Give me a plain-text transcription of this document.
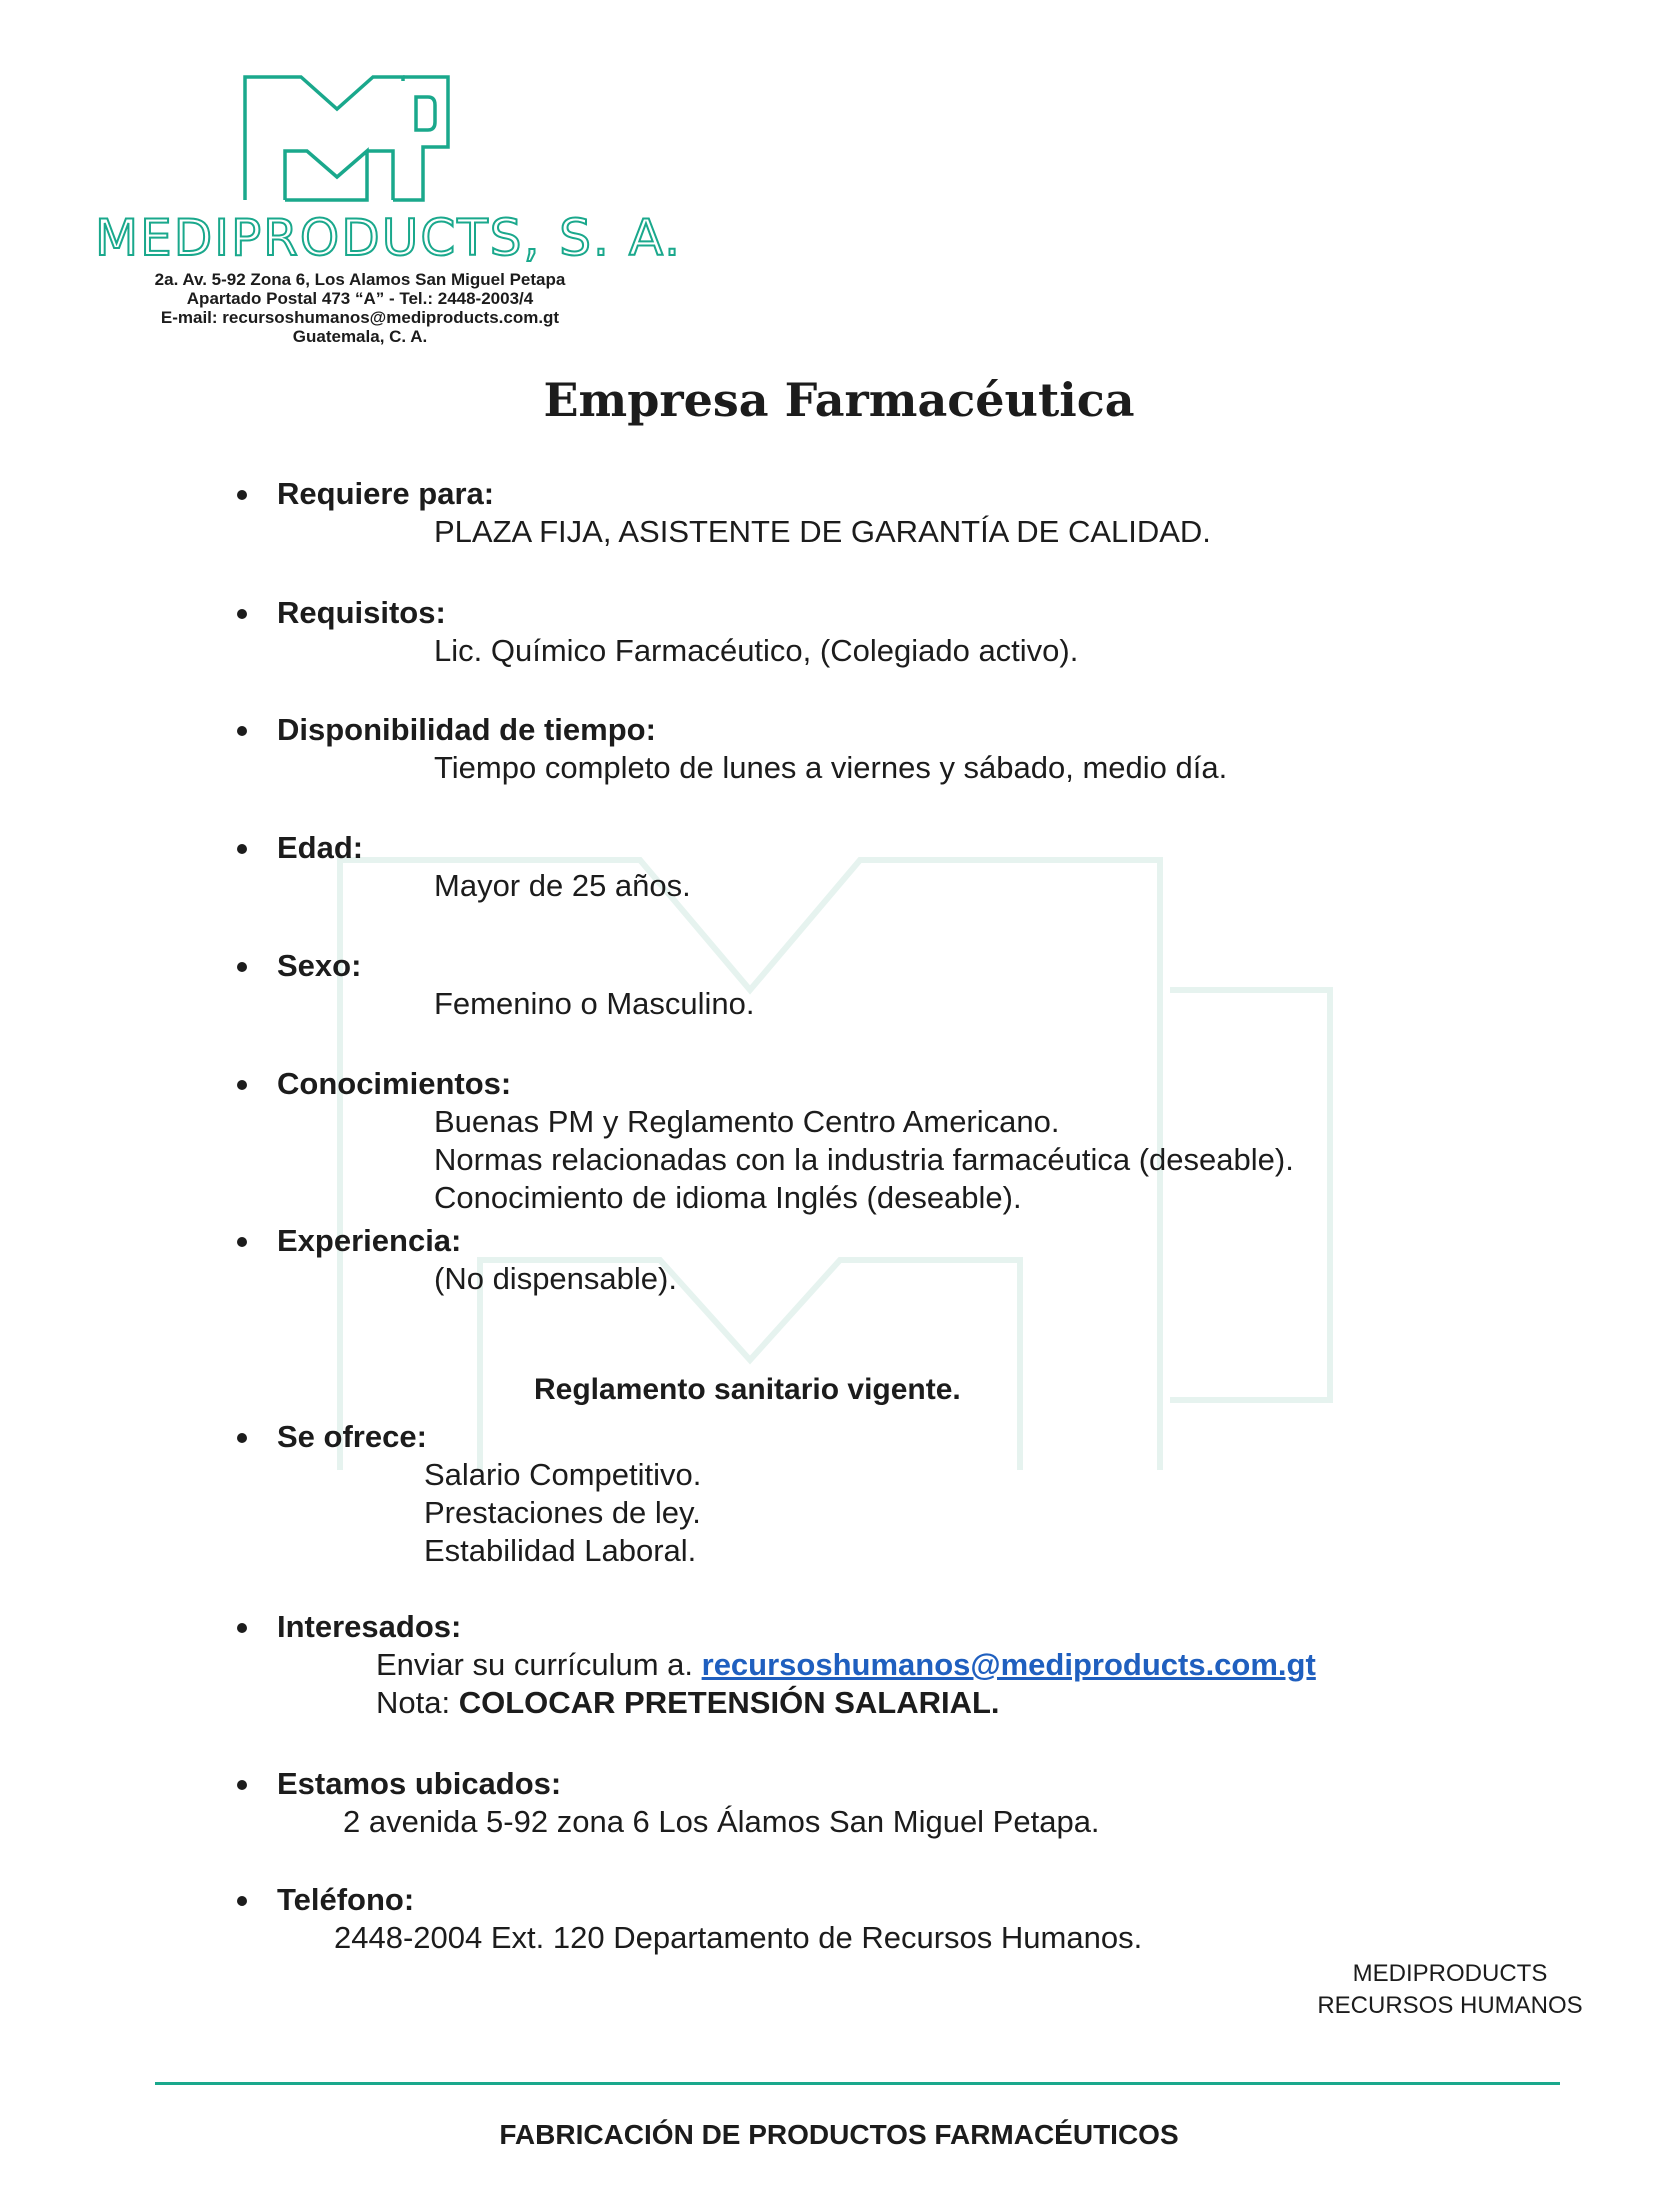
MEDIPRODUCTS, S. A.
2a. Av. 5-92 Zona 6, Los Alamos San Miguel Petapa
Apartado Postal 473 “A” - Tel.: 2448-2003/4
E-mail: recursoshumanos@mediproducts.com.gt
Guatemala, C. A.
Empresa Farmacéutica
Requiere para:
PLAZA FIJA, ASISTENTE DE GARANTÍA DE CALIDAD.
Requisitos:
Lic. Químico Farmacéutico, (Colegiado activo).
Disponibilidad de tiempo:
Tiempo completo de lunes a viernes y sábado, medio día.
Edad:
Mayor de 25 años.
Sexo:
Femenino o Masculino.
Conocimientos:
Buenas PM y Reglamento Centro Americano.
Normas relacionadas con la industria farmacéutica (deseable).
Conocimiento de idioma Inglés (deseable).
Experiencia:
(No dispensable).
Reglamento sanitario vigente.
Se ofrece:
Salario Competitivo.
Prestaciones de ley.
Estabilidad Laboral.
Interesados:
Enviar su currículum a. recursoshumanos@mediproducts.com.gt
Nota: COLOCAR PRETENSIÓN SALARIAL.
Estamos ubicados:
2 avenida 5-92 zona 6 Los Álamos San Miguel Petapa.
Teléfono:
2448-2004 Ext. 120 Departamento de Recursos Humanos.
MEDIPRODUCTS
RECURSOS HUMANOS
FABRICACIÓN DE PRODUCTOS FARMACÉUTICOS
